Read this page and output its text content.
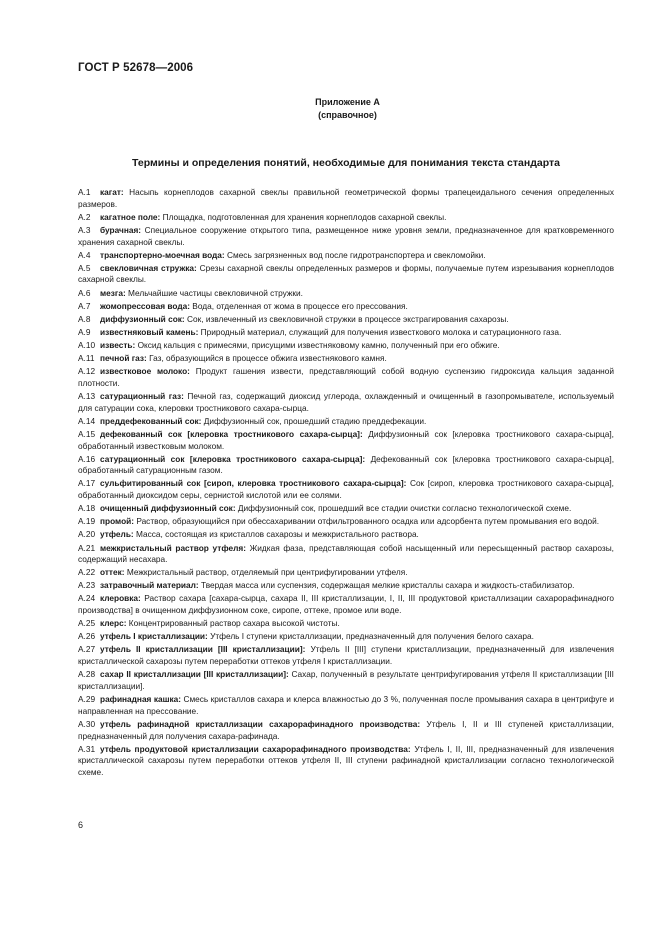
ГОСТ Р 52678—2006
Приложение А
(справочное)
Термины и определения понятий, необходимые для понимания текста стандарта

А.1 кагат: Насыпь корнеплодов сахарной свеклы правильной геометрической формы трапецеидального сечения определенных размеров.

А.2 кагатное поле: Площадка, подготовленная для хранения корнеплодов сахарной свеклы.

А.3 бурачная: Специальное сооружение открытого типа, размещенное ниже уровня земли, предназначенное для кратковременного хранения сахарной свеклы.

А.4 транспортерно-моечная вода: Смесь загрязненных вод после гидротранспортера и свекломойки.

А.5 свекловичная стружка: Срезы сахарной свеклы определенных размеров и формы, получаемые путем изрезывания корнеплодов сахарной свеклы.

А.6 мезга: Мельчайшие частицы свекловичной стружки.

А.7 жомопрессовая вода: Вода, отделенная от жома в процессе его прессования.

А.8 диффузионный сок: Сок, извлеченный из свекловичной стружки в процессе экстрагирования сахарозы.

А.9 известняковый камень: Природный материал, служащий для получения известкового молока и сатурационного газа.

А.10 известь: Оксид кальция с примесями, присущими известняковому камню, полученный при его обжиге.

А.11 печной газ: Газ, образующийся в процессе обжига известнякового камня.

А.12 известковое молоко: Продукт гашения извести, представляющий собой водную суспензию гидроксида кальция заданной плотности.

А.13 сатурационный газ: Печной газ, содержащий диоксид углерода, охлажденный и очищенный в газопромывателе, используемый для сатурации сока, клеровки тростникового сахара-сырца.

А.14 преддефекованный сок: Диффузионный сок, прошедший стадию преддефекации.

А.15 дефекованный сок [клеровка тростникового сахара-сырца]: Диффузионный сок [клеровка тростникового сахара-сырца], обработанный известковым молоком.

А.16 сатурационный сок [клеровка тростникового сахара-сырца]: Дефекованный сок [клеровка тростникового сахара-сырца], обработанный сатурационным газом.

А.17 сульфитированный сок [сироп, клеровка тростникового сахара-сырца]: Сок [сироп, клеровка тростникового сахара-сырца], обработанный диоксидом серы, сернистой кислотой или ее солями.

А.18 очищенный диффузионный сок: Диффузионный сок, прошедший все стадии очистки согласно технологической схеме.

А.19 промой: Раствор, образующийся при обессахаривании отфильтрованного осадка или адсорбента путем промывания его водой.

А.20 утфель: Масса, состоящая из кристаллов сахарозы и межкристального раствора.

А.21 межкристальный раствор утфеля: Жидкая фаза, представляющая собой насыщенный или пересыщенный раствор сахарозы, содержащий несахара.

А.22 оттек: Межкристальный раствор, отделяемый при центрифугировании утфеля.

А.23 затравочный материал: Твердая масса или суспензия, содержащая мелкие кристаллы сахара и жидкость-стабилизатор.

А.24 клеровка: Раствор сахара [сахара-сырца, сахара II, III кристаллизации, I, II, III продуктовой кристаллизации сахарорафинадного производства] в очищенном диффузионном соке, сиропе, оттеке, промое или воде.

А.25 клерс: Концентрированный раствор сахара высокой чистоты.

А.26 утфель I кристаллизации: Утфель I ступени кристаллизации, предназначенный для получения белого сахара.

А.27 утфель II кристаллизации [III кристаллизации]: Утфель II [III] ступени кристаллизации, предназначенный для извлечения кристаллической сахарозы путем переработки оттеков утфеля I кристаллизации.

А.28 сахар II кристаллизации [III кристаллизации]: Сахар, полученный в результате центрифугирования утфеля II кристаллизации [III кристаллизации].

А.29 рафинадная кашка: Смесь кристаллов сахара и клерса влажностью до 3 %, полученная после промывания сахара в центрифуге и направленная на прессование.

А.30 утфель рафинадной кристаллизации сахарорафинадного производства: Утфель I, II и III ступеней кристаллизации, предназначенный для получения сахара-рафинада.

А.31 утфель продуктовой кристаллизации сахарорафинадного производства: Утфель I, II, III, предназначенный для извлечения кристаллической сахарозы путем переработки оттеков утфеля II, III ступени рафинадной кристаллизации согласно технологической схеме.

6
